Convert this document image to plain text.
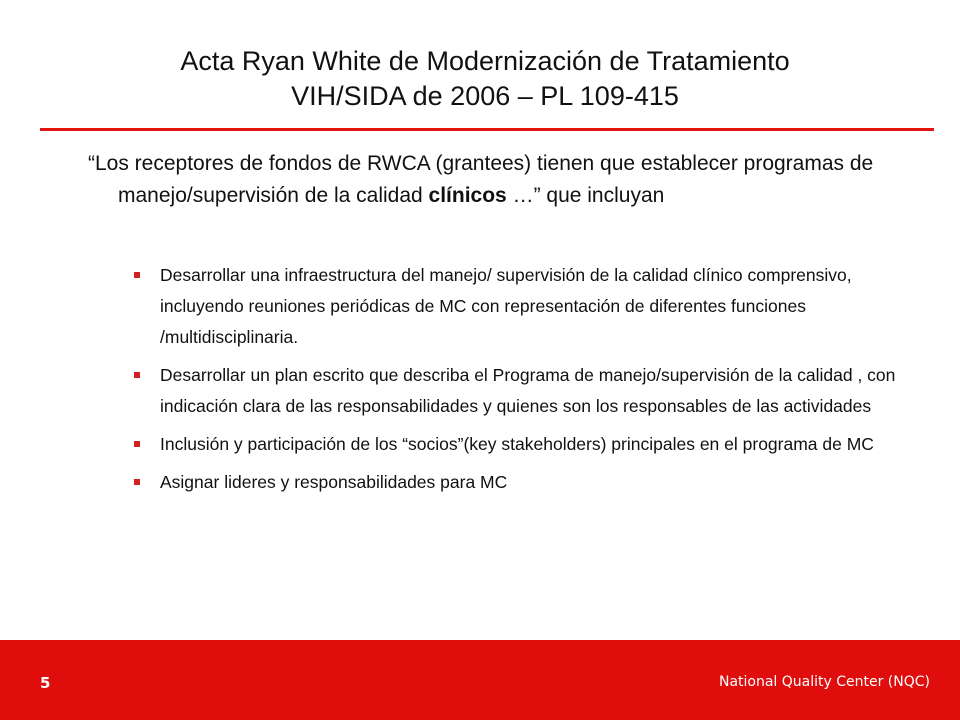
Acta Ryan White de Modernización de Tratamiento
VIH/SIDA de 2006 – PL 109-415
“Los receptores de fondos de RWCA (grantees) tienen que establecer programas de manejo/supervisión de la calidad clínicos …” que incluyan
Desarrollar una infraestructura del manejo/ supervisión de la calidad clínico comprensivo, incluyendo reuniones periódicas de MC con representación de diferentes funciones /multidisciplinaria.
Desarrollar un plan escrito que describa el Programa de manejo/supervisión de la calidad , con indicación clara de las responsabilidades y quienes son los responsables de las actividades
Inclusión y participación de los “socios”(key stakeholders) principales en el programa de MC
Asignar lideres y responsabilidades para MC
5	National Quality Center (NQC)
